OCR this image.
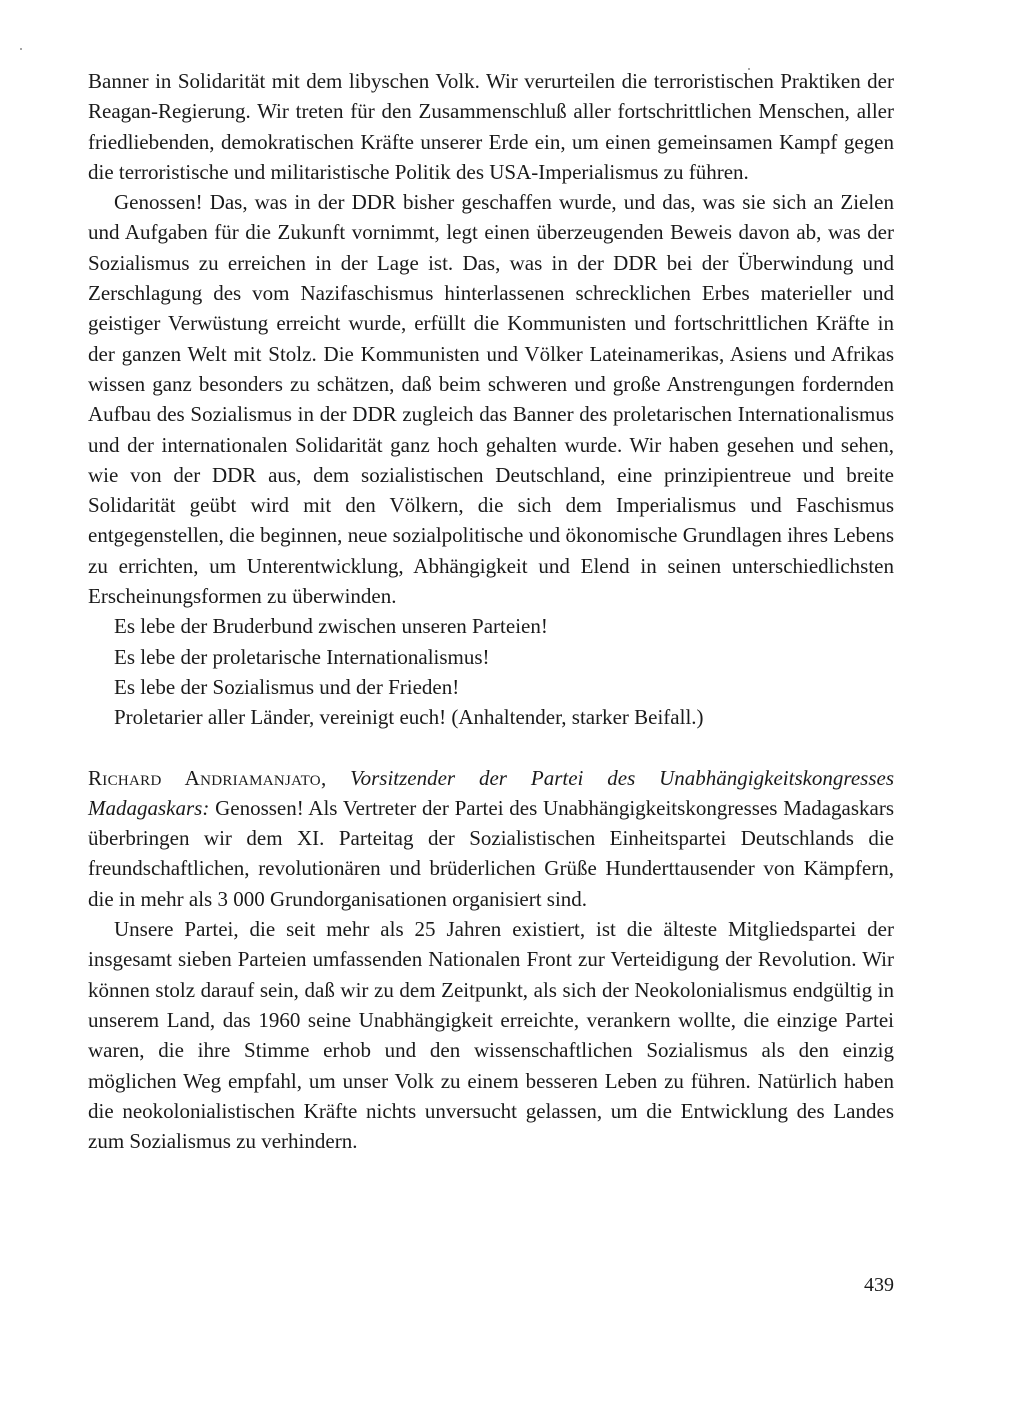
Banner in Solidarität mit dem libyschen Volk. Wir verurteilen die terroristischen Praktiken der Reagan-Regierung. Wir treten für den Zusammenschluß aller fortschrittlichen Menschen, aller friedliebenden, demokratischen Kräfte unserer Erde ein, um einen gemeinsamen Kampf gegen die terroristische und militaristische Politik des USA-Imperialismus zu führen.

Genossen! Das, was in der DDR bisher geschaffen wurde, und das, was sie sich an Zielen und Aufgaben für die Zukunft vornimmt, legt einen überzeugenden Beweis davon ab, was der Sozialismus zu erreichen in der Lage ist. Das, was in der DDR bei der Überwindung und Zerschlagung des vom Nazifaschismus hinterlassenen schrecklichen Erbes materieller und geistiger Verwüstung erreicht wurde, erfüllt die Kommunisten und fortschrittlichen Kräfte in der ganzen Welt mit Stolz. Die Kommunisten und Völker Lateinamerikas, Asiens und Afrikas wissen ganz besonders zu schätzen, daß beim schweren und große Anstrengungen fordernden Aufbau des Sozialismus in der DDR zugleich das Banner des proletarischen Internationalismus und der internationalen Solidarität ganz hoch gehalten wurde. Wir haben gesehen und sehen, wie von der DDR aus, dem sozialistischen Deutschland, eine prinzipientreue und breite Solidarität geübt wird mit den Völkern, die sich dem Imperialismus und Faschismus entgegenstellen, die beginnen, neue sozialpolitische und ökonomische Grundlagen ihres Lebens zu errichten, um Unterentwicklung, Abhängigkeit und Elend in seinen unterschiedlichsten Erscheinungsformen zu überwinden.

Es lebe der Bruderbund zwischen unseren Parteien!

Es lebe der proletarische Internationalismus!

Es lebe der Sozialismus und der Frieden!

Proletarier aller Länder, vereinigt euch! (Anhaltender, starker Beifall.)

Richard Andriamanjato, Vorsitzender der Partei des Unabhängigkeitskongresses Madagaskars: Genossen! Als Vertreter der Partei des Unabhängigkeitskongresses Madagaskars überbringen wir dem XI. Parteitag der Sozialistischen Einheitspartei Deutschlands die freundschaftlichen, revolutionären und brüderlichen Grüße Hunderttausender von Kämpfern, die in mehr als 3 000 Grundorganisationen organisiert sind.

Unsere Partei, die seit mehr als 25 Jahren existiert, ist die älteste Mitgliedspartei der insgesamt sieben Parteien umfassenden Nationalen Front zur Verteidigung der Revolution. Wir können stolz darauf sein, daß wir zu dem Zeitpunkt, als sich der Neokolonialismus endgültig in unserem Land, das 1960 seine Unabhängigkeit erreichte, verankern wollte, die einzige Partei waren, die ihre Stimme erhob und den wissenschaftlichen Sozialismus als den einzig möglichen Weg empfahl, um unser Volk zu einem besseren Leben zu führen. Natürlich haben die neokolonialistischen Kräfte nichts unversucht gelassen, um die Entwicklung des Landes zum Sozialismus zu verhindern.

439
